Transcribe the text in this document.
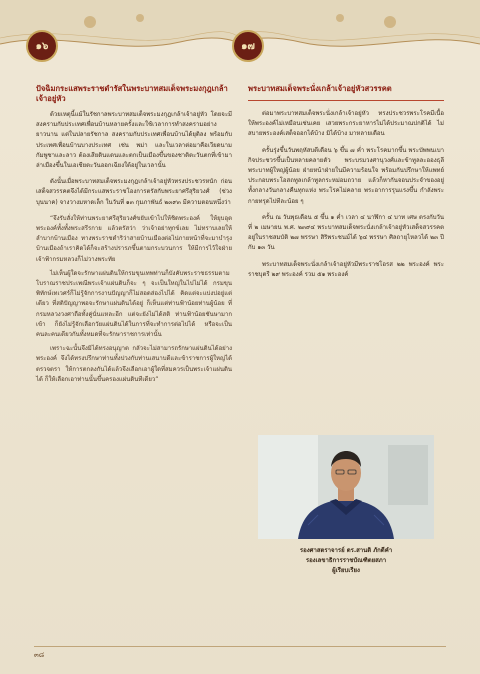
๑๖	๑๗
ปัจฉิมกระแสพระราชดำรัสในพระบาทสมเด็จพระมงกุฎเกล้าเจ้าอยู่หัว

ด้วยเหตุนี้แม้ในรัชกาลพระบาทสมเด็จพระมงกุฎเกล้าเจ้าอยู่หัว โดยจะมีสงครามกับประเทศเพื่อนบ้านหลายครั้งและใช้เวลาการทำสงครามอย่างยาวนาน แต่ในปลายรัชกาล สงครามกับประเทศเพื่อนบ้านได้ยุติลง พร้อมกับประเทศเพื่อนบ้านบางประเทศ เช่น พม่า และในเวลาต่อมาคือเวียดนาม กัมพูชาและลาว ต้องเสียดินแดนและตกเป็นเมืองขึ้นของชาติตะวันตกที่เข้ามาล่าเมืองขึ้นในเอเชียตะวันออกเฉียงใต้อยู่ในเวลานั้น

ดังนั้นเมื่อพระบาทสมเด็จพระมงกุฎเกล้าเจ้าอยู่หัวทรงประชวรหนัก ก่อนเสด็จสวรรคตจึงได้มีกระแสพระราชโองการตรัสกับพระยาศรีสุริยวงศ์ (ช่วง บุนนาค) จางวางมหาดเล็ก ในวันที่ ๑๓ กุมภาพันธ์ ๒๓๙๓ มีความตอนหนึ่งว่า

“จึงรับสั่งให้ท่านพระยาศรีสุริยวงศ์ขยับเข้าไปให้ชิดพระองค์ ให้ยุบอุตพระองค์ทั้งทั้งพระสรีรกาย แล้วตรัสว่า ว่าเจ้าอย่าทุกข์เลย ไม่ทราบเลยให้ลำบากบ้านเมือง ทางพระราชดำริว่าสายบ้านเมืองต่อไปภายหน้าที่จะมาบำรุงบ้านเมืองถ้าเราคิดได้ก็จะสร้างปรารภขึ้นตามกระบวนการ ให้มีการไว้ใจฝ่ายเจ้าฟ้ากรมหลวงก็ไม่วางพระทัย

ไม่เห็นผู้ใดจะรักษาแผ่นดินให้กรมขุนเทพท่านก็บังคับพระราชธรรมตามโบราณราชประเพณีพระเจ้าแผ่นดินก็จะ ๆ จะเป็นใหญ่ในไปไม่ได้ กรมขุนพิทักษ์เทเวศร์ก็ไม่รู้จักการงานปัญญาก็ไม่สอดส่องไปได้ คิดแต่จะแบ่งปอยู่แต่เดียว ที่สติปัญญาพอจะรักษาแผ่นดินได้อยู่ ก็เห็นแต่ท่านฟ้าน้อยท่านผู้น้อย ที่กรมหลวงวงศาถือทั้งคู่นั่นแหละอีก แต่จะยังไม่ได้สติ ท่านฟ้าน้อยชันษามากเข้า ก็ยังไม่รู้จักเลือกวัยแผ่นดินได้ในการที่จะทำการต่อไปได้ หรือจะเป็นคนละคนเดียวกันทั้งหมดที่จะรักษาราชการเท่านั้น

เพราะฉะนั้นจึงมิได้ทรงอนุญาต กลัวจะไม่สามารถรักษาแผ่นดินได้อย่างพระองค์ จึงได้ทรงปรึกษาท่านทั้งปวงกับท่านเสนาบดีและข้าราชการผู้ใหญ่ได้ตรวจตรา ให้การตกลงกันได้แล้วจึงเลือกเอาผู้ใดที่สมควรเป็นพระเจ้าแผ่นดินได้ ก็ให้เลือกเอาท่านนั้นขึ้นครองแผ่นดินทีเดียว”

พระบาทสมเด็จพระนั่งเกล้าเจ้าอยู่หัวสวรรคต

ต่อมาพระบาทสมเด็จพระนั่งเกล้าเจ้าอยู่หัว ทรงประชวรพระโรคมีเนื้อ ให้พระองค์ไม่เหมือนเช่นเคย เสวยพระกระยาหารไม่ได้ประมาณปกติได้ ไม่สบายพระองค์เสด็จออกได้บ้าง มิได้บ้าง มาหลายเดือน

ครั้นรุ่งขึ้นวันพฤหัสบดีเดือน ๖ ขึ้น ๗ ค่ำ พระโรคมากขึ้น พระบัพพนเบากิจประชวรขึ้นเป็นหลายคลายตัว พระบรมวงศานุวงศ์และข้าทูลละอองธุลีพระบาทผู้ใหญ่ผู้น้อย ฝ่ายหน้าฝ่ายในมีความร้อนใจ พร้อมกันปรึกษาให้แพทย์ประกอบพระโอสถทูลเกล้าทูลกระหม่อมถวาย แล้วก็หากันจอนประจำของอยู่ทั้งกลางวันกลางคืนทุกแห่ง พระโรคไม่คลาย พระอาการรุนแรงขึ้น กำลังพระกายทรุดไปทีละน้อย ๆ

ครั้น ณ วันพุธเดือน ๕ ขึ้น ๑ ค่ำ เวลา ๔ นาฬิกา ๔ บาท เศษ ตรงกับวันที่ ๒ เมษายน พ.ศ. ๒๓๙๔ พระบาทสมเด็จพระนั่งเกล้าเจ้าอยู่หัวเสด็จสวรรคต อยู่ในราชสมบัติ ๒๗ พรรษา สิริพระชนม์ได้ ๖๔ พรรษา ศิลถายุไหลวได้ ๒๓ ปีกับ ๑๓ วัน

พระบาทสมเด็จพระนั่งเกล้าเจ้าอยู่หัวมีพระราชโอรส ๒๒ พระองค์ พระราชบุตรี ๒๙ พระองค์ รวม ๕๑ พระองค์

รองศาสตราจารย์ ดร.สานติ ภักดีคำ
รองเลขาธิการราชบัณฑิตยสภา
ผู้เรียบเรียง
๓๘
